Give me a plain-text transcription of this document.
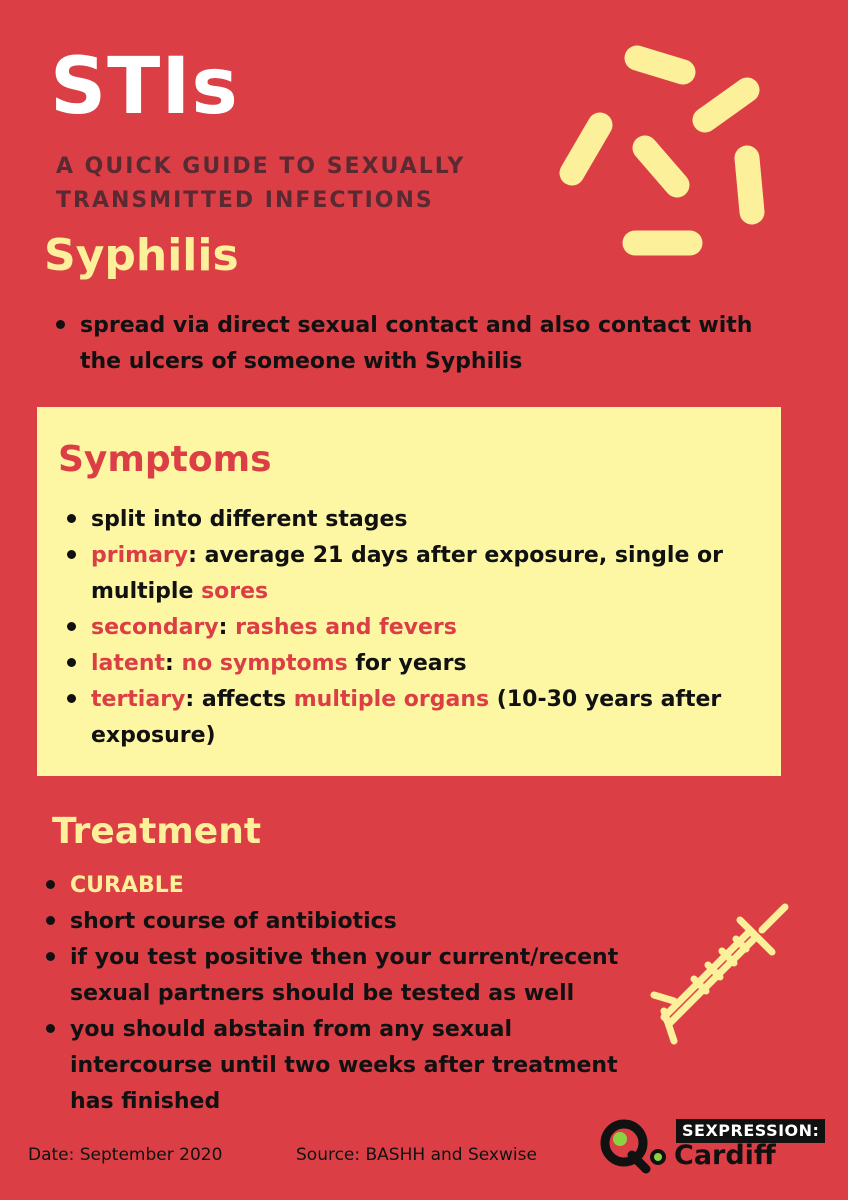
STIs
A QUICK GUIDE TO SEXUALLY
TRANSMITTED INFECTIONS
Syphilis
spread via direct sexual contact and also contact with the ulcers of someone with Syphilis
Symptoms
split into different stages
primary: average 21 days after exposure, single or multiple sores
secondary: rashes and fevers
latent: no symptoms for years
tertiary: affects multiple organs (10-30 years after exposure)
Treatment
CURABLE
short course of antibiotics
if you test positive then your current/recent sexual partners should be tested as well
you should abstain from any sexual intercourse until two weeks after treatment has finished
Date: September 2020	Source: BASHH and Sexwise
SEXPRESSION:
Cardiff
